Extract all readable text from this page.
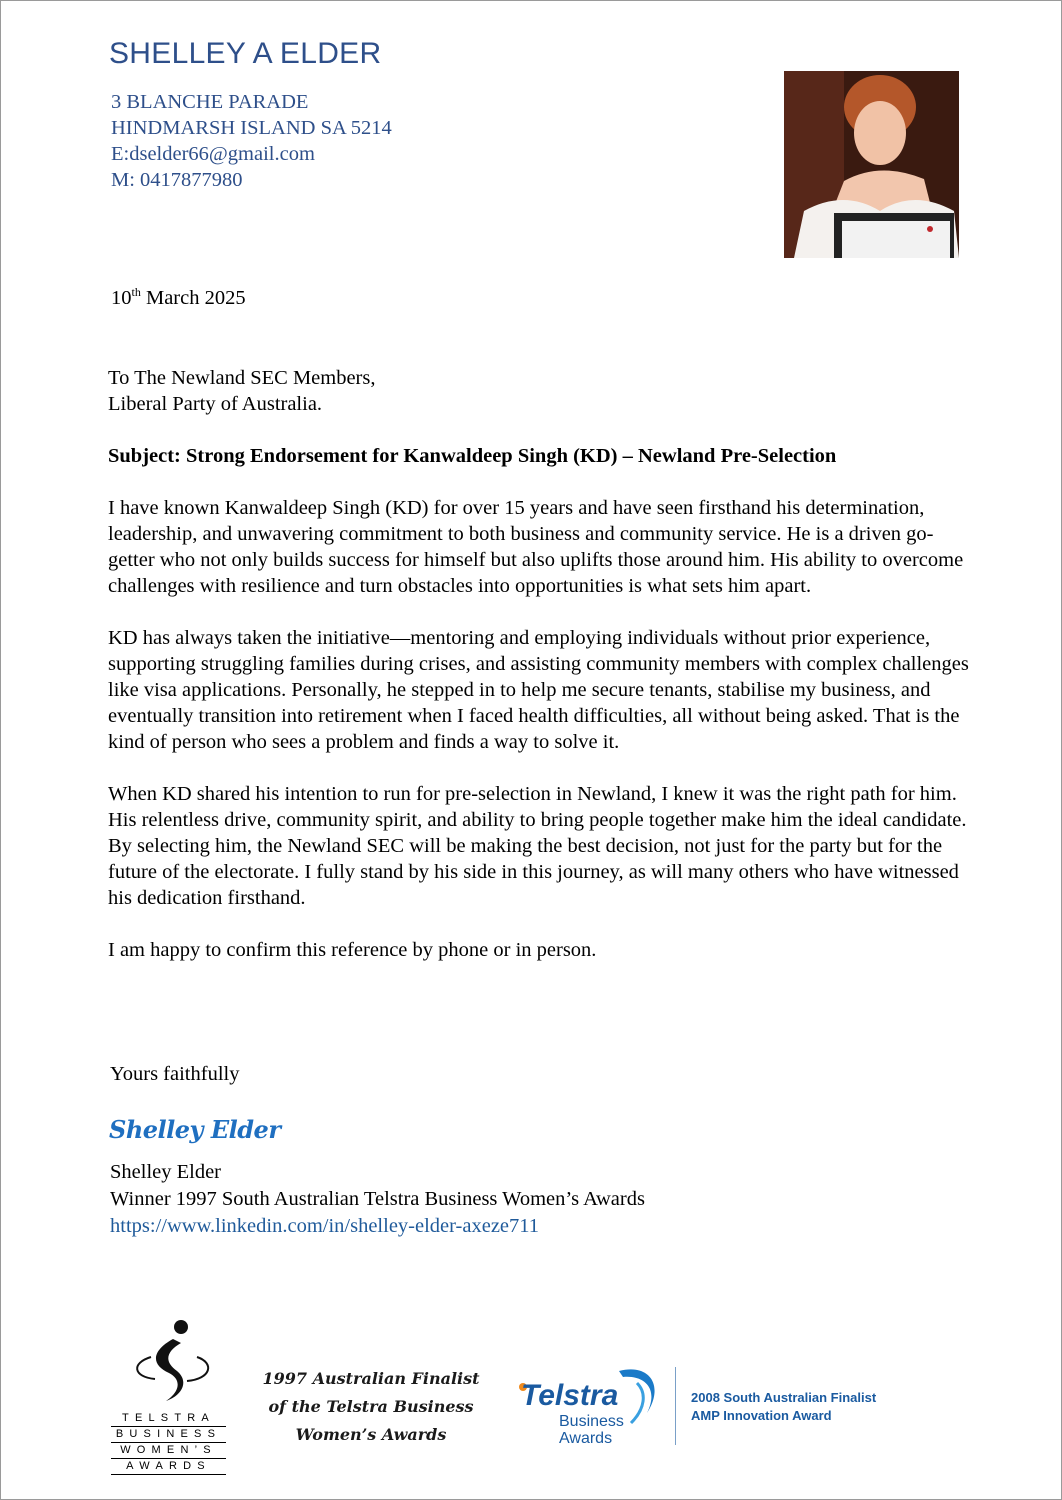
SHELLEY A ELDER
3 BLANCHE PARADE
HINDMARSH ISLAND SA 5214
E:dselder66@gmail.com
M: 0417877980
10th March 2025
To The Newland SEC Members,
Liberal Party of Australia.
Subject: Strong Endorsement for Kanwaldeep Singh (KD) – Newland Pre-Selection

I have known Kanwaldeep Singh (KD) for over 15 years and have seen firsthand his determination, leadership, and unwavering commitment to both business and community service. He is a driven go-getter who not only builds success for himself but also uplifts those around him. His ability to overcome challenges with resilience and turn obstacles into opportunities is what sets him apart.

KD has always taken the initiative—mentoring and employing individuals without prior experience, supporting struggling families during crises, and assisting community members with complex challenges like visa applications. Personally, he stepped in to help me secure tenants, stabilise my business, and eventually transition into retirement when I faced health difficulties, all without being asked. That is the kind of person who sees a problem and finds a way to solve it.

When KD shared his intention to run for pre-selection in Newland, I knew it was the right path for him. His relentless drive, community spirit, and ability to bring people together make him the ideal candidate. By selecting him, the Newland SEC will be making the best decision, not just for the party but for the future of the electorate. I fully stand by his side in this journey, as will many others who have witnessed his dedication firsthand.

I am happy to confirm this reference by phone or in person.

Yours faithfully
Shelley Elder
Shelley Elder
Winner 1997 South Australian Telstra Business Women’s Awards
https://www.linkedin.com/in/shelley-elder-axeze711
TELSTRA
BUSINESS
WOMEN’S
AWARDS
1997 Australian Finalist
of the Telstra Business
Women’s Awards
Telstra
Business
Awards
2008 South Australian Finalist
AMP Innovation Award
